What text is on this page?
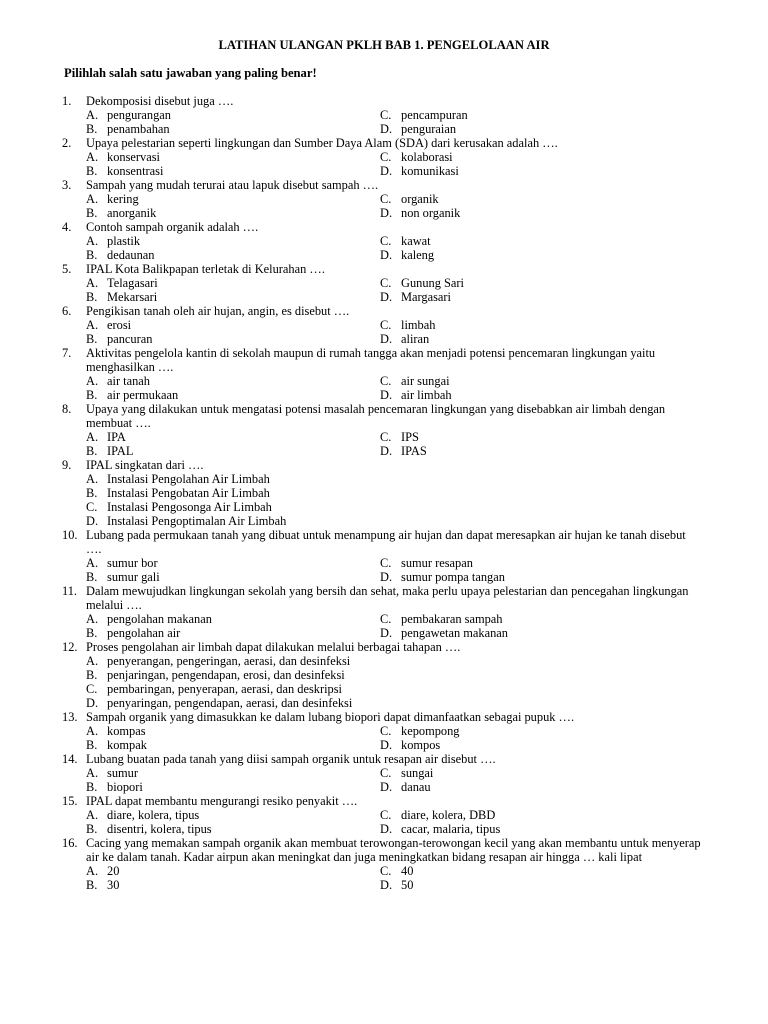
LATIHAN ULANGAN PKLH BAB 1. PENGELOLAAN AIR
Pilihlah salah satu jawaban yang paling benar!
1. Dekomposisi disebut juga ….
A. pengurangan	C. pencampuran
B. penambahan	D. penguraian
2. Upaya pelestarian seperti lingkungan dan Sumber Daya Alam (SDA) dari kerusakan adalah ….
A. konservasi	C. kolaborasi
B. konsentrasi	D. komunikasi
3. Sampah yang mudah terurai atau lapuk disebut sampah ….
A. kering	C. organik
B. anorganik	D. non organik
4. Contoh sampah organik adalah ….
A. plastik	C. kawat
B. dedaunan	D. kaleng
5. IPAL Kota Balikpapan terletak di Kelurahan ….
A. Telagasari	C. Gunung Sari
B. Mekarsari	D. Margasari
6. Pengikisan tanah oleh air hujan, angin, es disebut ….
A. erosi	C. limbah
B. pancuran	D. aliran
7. Aktivitas pengelola kantin di sekolah maupun di rumah tangga akan menjadi potensi pencemaran lingkungan yaitu menghasilkan ….
A. air tanah	C. air sungai
B. air permukaan	D. air limbah
8. Upaya yang dilakukan untuk mengatasi potensi masalah pencemaran lingkungan yang disebabkan air limbah dengan membuat ….
A. IPA	C. IPS
B. IPAL	D. IPAS
9. IPAL singkatan dari ….
A. Instalasi Pengolahan Air Limbah
B. Instalasi Pengobatan Air Limbah
C. Instalasi Pengosonga Air Limbah
D. Instalasi Pengoptimalan Air Limbah
10. Lubang pada permukaan tanah yang dibuat untuk menampung air hujan dan dapat meresapkan air hujan ke tanah disebut ….
A. sumur bor	C. sumur resapan
B. sumur gali	D. sumur pompa tangan
11. Dalam mewujudkan lingkungan sekolah yang bersih dan sehat, maka perlu upaya pelestarian dan pencegahan lingkungan melalui ….
A. pengolahan makanan	C. pembakaran sampah
B. pengolahan air	D. pengawetan makanan
12. Proses pengolahan air limbah dapat dilakukan melalui berbagai tahapan ….
A. penyerangan, pengeringan, aerasi, dan desinfeksi
B. penjaringan, pengendapan, erosi, dan desinfeksi
C. pembaringan, penyerapan, aerasi, dan deskripsi
D. penyaringan, pengendapan, aerasi, dan desinfeksi
13. Sampah organik yang dimasukkan ke dalam lubang biopori dapat dimanfaatkan sebagai pupuk ….
A. kompas	C. kepompong
B. kompak	D. kompos
14. Lubang buatan pada tanah yang diisi sampah organik untuk resapan air disebut ….
A. sumur	C. sungai
B. biopori	D. danau
15. IPAL dapat membantu mengurangi resiko penyakit ….
A. diare, kolera, tipus	C. diare, kolera, DBD
B. disentri, kolera, tipus	D. cacar, malaria, tipus
16. Cacing yang memakan sampah organik akan membuat terowongan-terowongan kecil yang akan membantu untuk menyerap air ke dalam tanah. Kadar airpun akan meningkat dan juga meningkatkan bidang resapan air hingga … kali lipat
A. 20	C. 40
B. 30	D. 50
